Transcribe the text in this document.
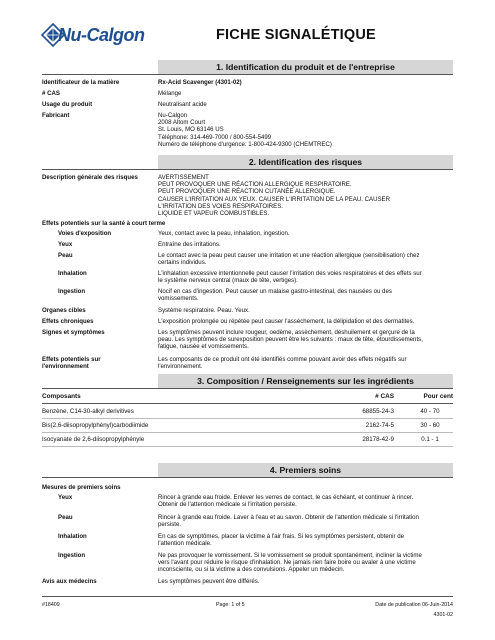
Nu-Calgon	FICHE SIGNALÉTIQUE
1. Identification du produit et de l'entreprise
Identificateur de la matière	Rx-Acid Scavenger (4301-02)
# CAS	Mélange
Usage du produit	Neutralisant acide
Fabricant	Nu-Calgon
2008 Altom Court
St. Louis, MO 63146 US
Téléphone: 314-469-7000 / 800-554-5499
Numéro de téléphone d'urgence: 1-800-424-9300 (CHEMTREC)
2. Identification des risques
Description générale des risques	AVERTISSEMENT
PEUT PROVOQUER UNE RÉACTION ALLERGIQUE RESPIRATOIRE.
PEUT PROVOQUER UNE RÉACTION CUTANÉE ALLERGIQUE.
CAUSER L'IRRITATION AUX YEUX. CAUSER L'IRRITATION DE LA PEAU. CAUSER
L'IRRITATION DES VOIES RESPIRATOIRES.
LIQUIDE ET VAPEUR COMBUSTIBLES.
Effets potentiels sur la santé à court terme
Voies d'exposition	Yeux, contact avec la peau, inhalation, ingestion.
Yeux	Entraîne des irritations.
Peau	Le contact avec la peau peut causer une irritation et une réaction allergique (sensibilisation) chez
certains individus.
Inhalation	L'inhalation excessive intentionnelle peut causer l'irritation des voies respiratoires et des effets sur
le système nerveux central (maux de tête, vertiges).
Ingestion	Nocif en cas d'ingestion. Peut causer un malaise gastro-intestinal, des nausées ou des
vomissements.
Organes cibles	Système respiratoire. Peau. Yeux.
Effets chroniques	L'exposition prolongée ou répétée peut causer l'assèchement, la délipidation et des dermatites.
Signes et symptômes	Les symptômes peuvent inclure rougeur, oedème, assèchement, déshuilement et gerçure de la
peau. Les symptômes de surexposition peuvent être les suivants : maux de tête, étourdissements,
fatigue, nausée et vomissements.
Effets potentiels sur
l'environnement
Les composants de ce produit ont été identifiés comme pouvant avoir des effets négatifs sur
l'environnement.
3. Composition / Renseignements sur les ingrédients
Composants	# CAS	Pour cent
Benzène, C14-30-alkyl derivitives	68855-24-3	40 - 70
Bis(2,6-diisopropylphényl)carbodiimide	2162-74-5	30 - 60
Isocyanate de 2,6-diisopropylphényle	28178-42-9	0.1 - 1
4. Premiers soins
Mesures de premiers soins
Yeux	Rincer à grande eau froide. Enlever les verres de contact, le cas échéant, et continuer à rincer.
Obtenir de l'attention médicale si l'irritation persiste.
Peau	Rincer à grande eau froide. Laver à l'eau et au savon. Obtenir de l'attention médicale si l'irritation
persiste.
Inhalation	En cas de symptômes, placer la victime à l'air frais. Si les symptômes persistent, obtenir de
l'attention médicale.
Ingestion	Ne pas provoquer le vomissement. Si le vomissement se produit spontanément, incliner la victime
vers l'avant pour réduire le risque d'inhalation. Ne jamais rien faire boire ou avaler à une victime
inconsciente, ou si la victime a des convulsions. Appeler un médecin.
Avis aux médecins	Les symptômes peuvent être différés.
#18409	Page: 1 of 5	Date de publication 06-Juin-2014
4301-02
